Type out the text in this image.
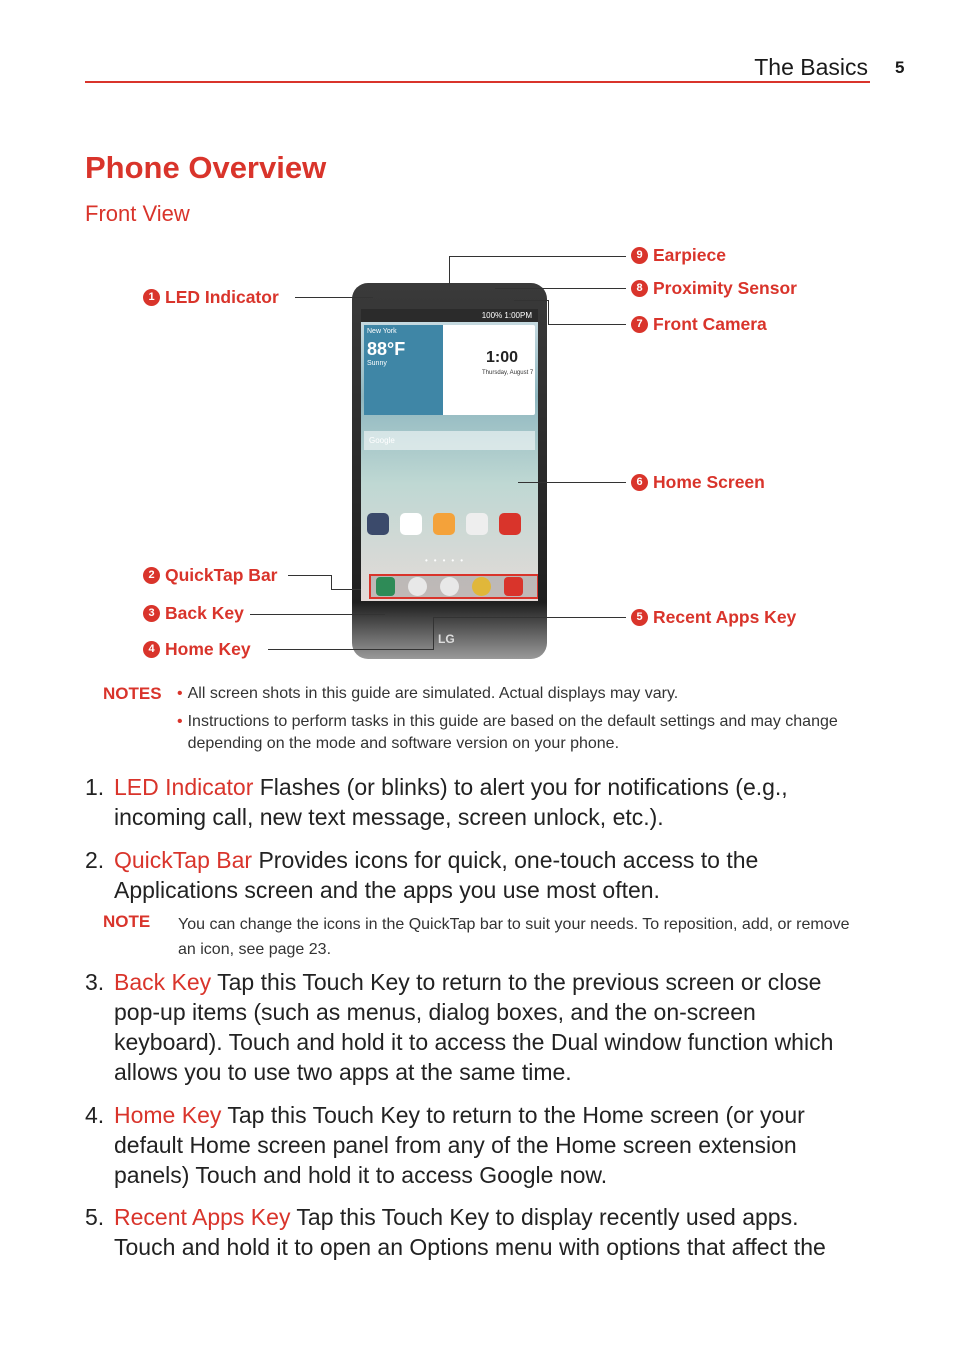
The Basics 5
Phone Overview
Front View
100% 1:00PM
New York
88°F
Sunny	1:00
Thursday, August 7
Google
•••••
LG
1 LED Indicator
2 QuickTap Bar
3 Back Key
4 Home Key
5 Recent Apps Key
6 Home Screen
7 Front Camera
8 Proximity Sensor
9 Earpiece
NOTES • All screen shots in this guide are simulated. Actual displays may vary.
• Instructions to perform tasks in this guide are based on the default settings and may change depending on the mode and software version on your phone.
1. LED Indicator Flashes (or blinks) to alert you for notifications (e.g., incoming call, new text message, screen unlock, etc.).
2. QuickTap Bar Provides icons for quick, one-touch access to the Applications screen and the apps you use most often.
NOTE You can change the icons in the QuickTap bar to suit your needs. To reposition, add, or remove an icon, see page 23.
3. Back Key Tap this Touch Key to return to the previous screen or close pop-up items (such as menus, dialog boxes, and the on-screen keyboard). Touch and hold it to access the Dual window function which allows you to use two apps at the same time.
4. Home Key Tap this Touch Key to return to the Home screen (or your default Home screen panel from any of the Home screen extension panels) Touch and hold it to access Google now.
5. Recent Apps Key Tap this Touch Key to display recently used apps. Touch and hold it to open an Options menu with options that affect the
